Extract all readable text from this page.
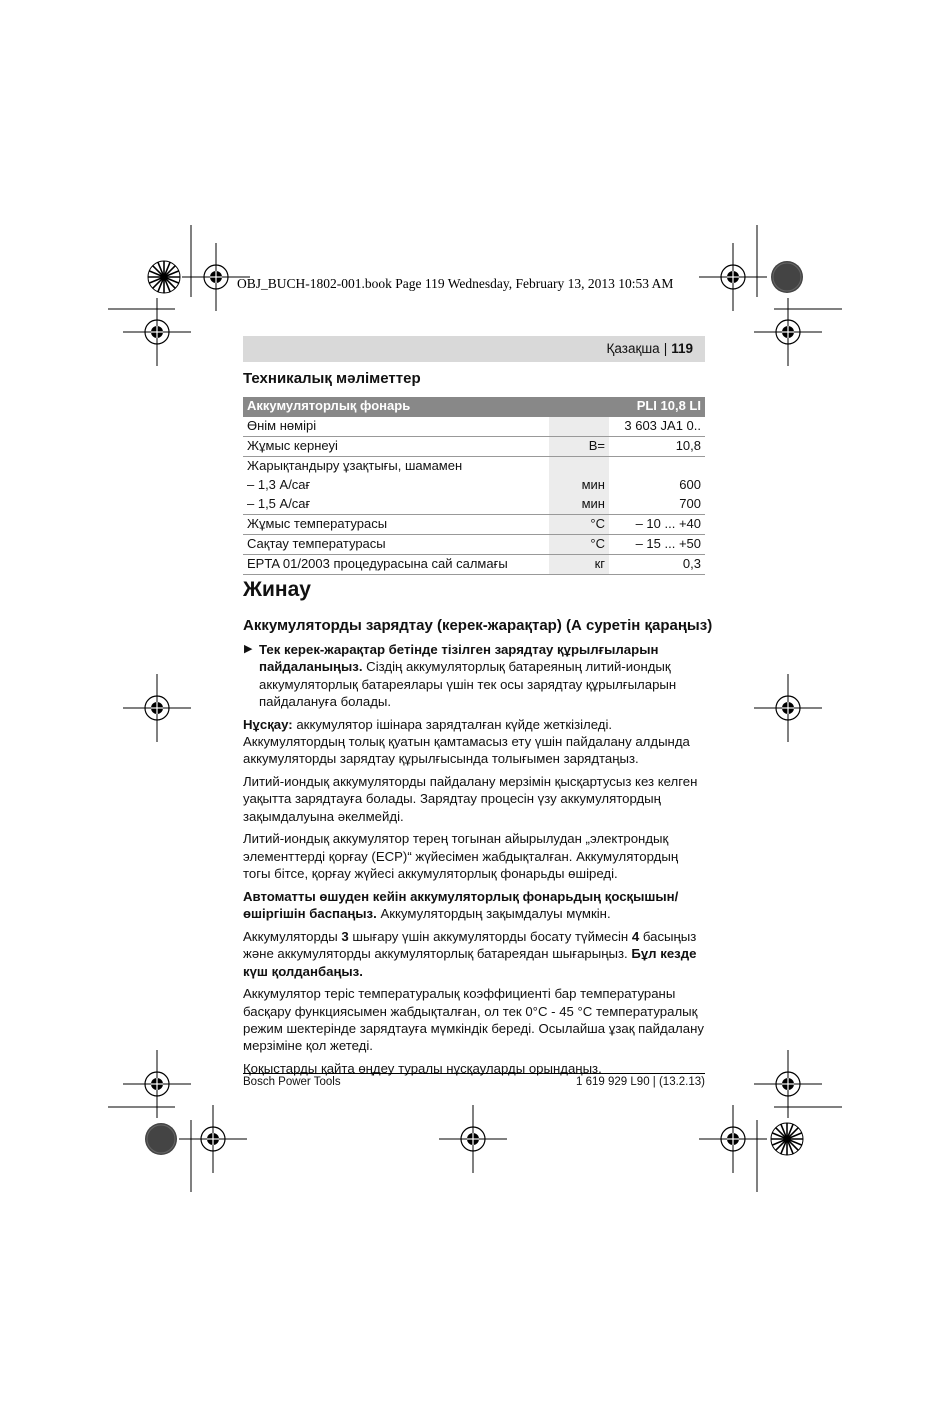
OBJ_BUCH-1802-001.book Page 119 Wednesday, February 13, 2013 10:53 AM
Қазақша | 119
Техникалық мәліметтер
Аккумуляторлық фонарь		PLI 10,8 LI
Өнім нөмірі		3 603 JA1 0..
Жұмыс кернеуі	В=	10,8
Жарықтандыру ұзақтығы, шамамен		
– 1,3 А/сағ	мин	600
– 1,5 А/сағ	мин	700
Жұмыс температурасы	°C	– 10 ... +40
Сақтау температурасы	°C	– 15 ... +50
EPTA 01/2003 процедурасына сай салмағы	кг	0,3
Жинау
Аккумуляторды зарядтау (керек-жарақтар) (А суретін қараңыз)

▶ Тек керек-жарақтар бетінде тізілген зарядтау құрылғыларын пайдаланыңыз. Сіздің аккумуляторлық батареяның литий-иондық аккумуляторлық батареялары үшін тек осы зарядтау құрылғыларын пайдалануға болады.

Нұсқау: аккумулятор ішінара зарядталған күйде жеткізіледі. Аккумулятордың толық қуатын қамтамасыз ету үшін пайдалану алдында аккумуляторды зарядтау құрылғысында толығымен зарядтаңыз.

Литий-иондық аккумуляторды пайдалану мерзімін қысқартусыз кез келген уақытта зарядтауға болады. Зарядтау процесін үзу аккумулятордың зақымдалуына әкелмейді.

Литий-иондық аккумулятор терең тогынан айырылудан „электрондық элементтерді қорғау (ECP)“ жүйесімен жабдықталған. Аккумулятордың тогы бітсе, қорғау жүйесі аккумуляторлық фонарьды өшіреді.

Автоматты өшуден кейін аккумуляторлық фонарьдың қосқышын/өшіргішін баспаңыз. Аккумулятордың зақымдалуы мүмкін.

Аккумуляторды 3 шығару үшін аккумуляторды босату түймесін 4 басыңыз және аккумуляторды аккумуляторлық батареядан шығарыңыз. Бұл кезде күш қолданбаңыз.

Аккумулятор теріс температуралық коэффициенті бар температураны басқару функциясымен жабдықталған, ол тек 0°C - 45 °C температуралық режим шектерінде зарядтауға мүмкіндік береді. Осылайша ұзақ пайдалану мерзіміне қол жетеді.

Қоқыстарды қайта өңдеу туралы нұсқауларды орындаңыз.

Bosch Power Tools	1 619 929 L90 | (13.2.13)
